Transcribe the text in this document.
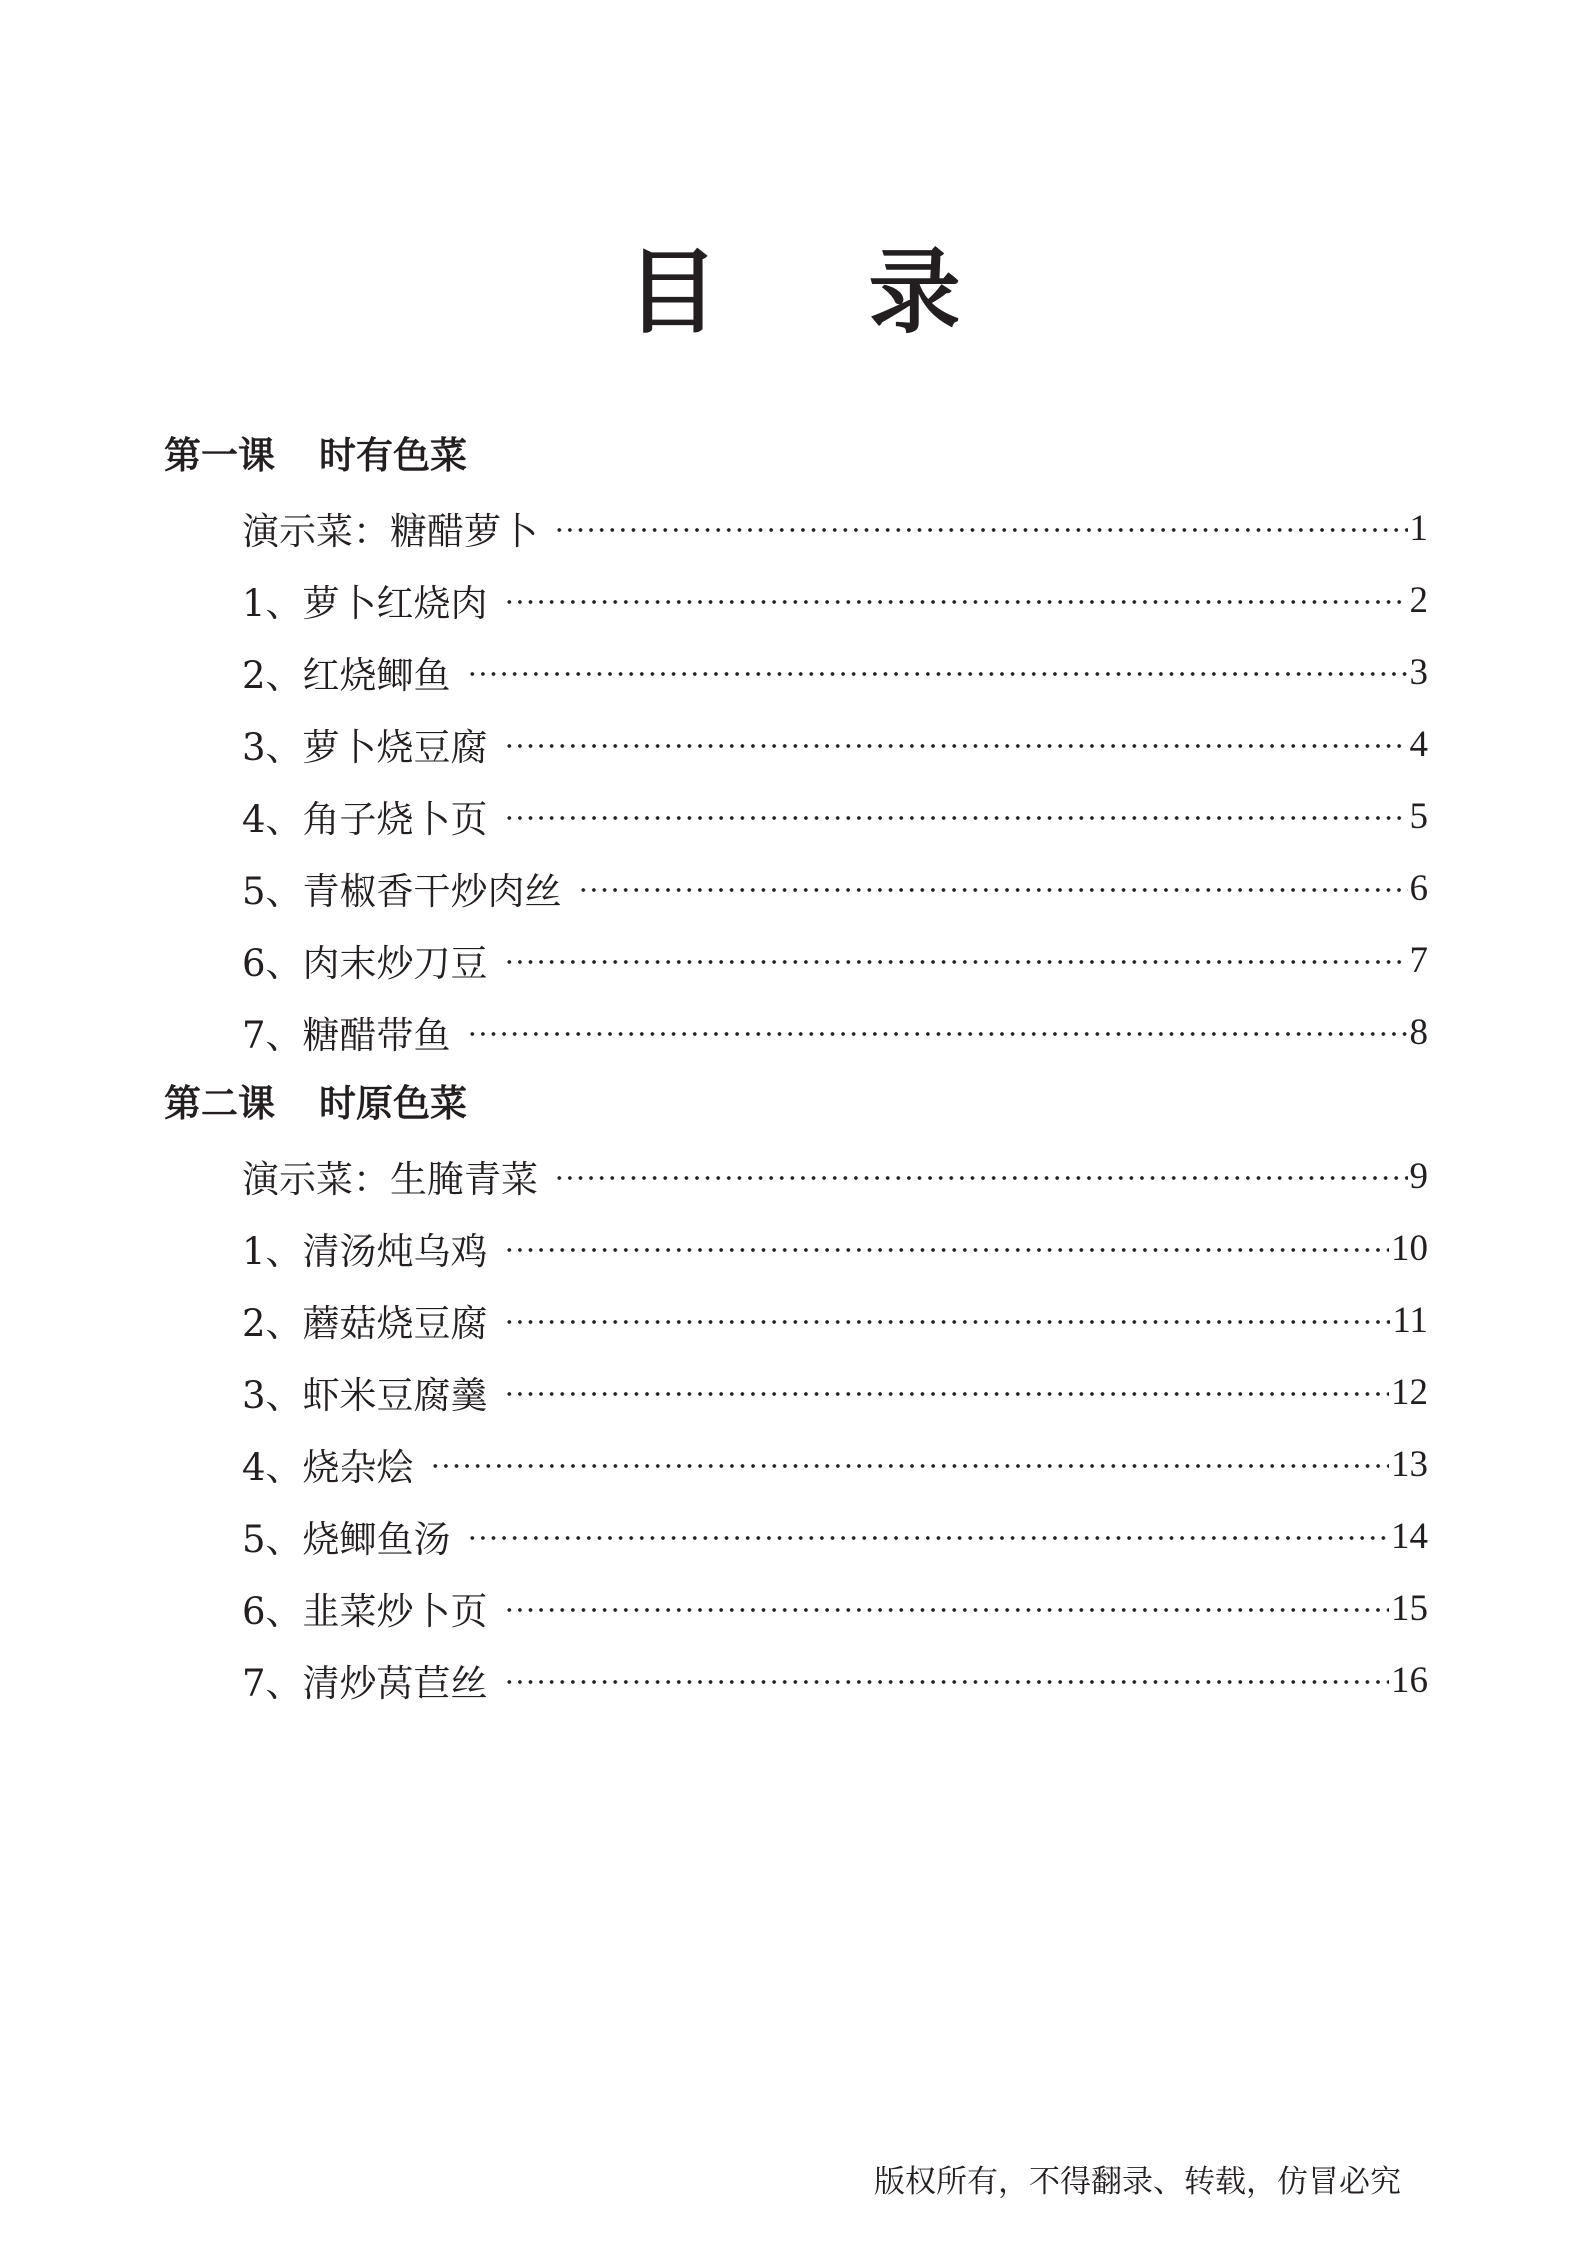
目录
第一课 时有色菜
演示菜：糖醋萝卜	1
1、萝卜红烧肉	2
2、红烧鲫鱼	3
3、萝卜烧豆腐	4
4、角子烧卜页	5
5、青椒香干炒肉丝	6
6、肉末炒刀豆	7
7、糖醋带鱼	8
第二课 时原色菜
演示菜：生腌青菜	9
1、清汤炖乌鸡	10
2、蘑菇烧豆腐	11
3、虾米豆腐羹	12
4、烧杂烩	13
5、烧鲫鱼汤	14
6、韭菜炒卜页	15
7、清炒莴苣丝	16
版权所有，不得翻录、转载，仿冒必究
